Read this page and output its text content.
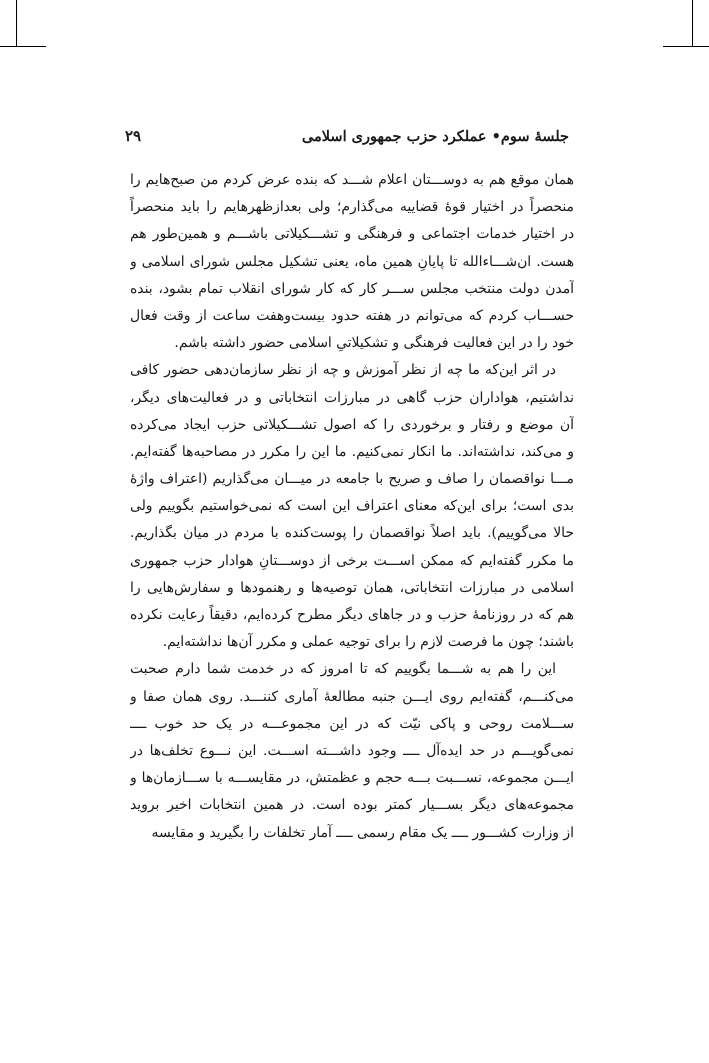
جلسهٔ سوم• عملکرد حزب جمهوری اسلامی
۲۹
همان موقع هم به دوســـتان اعلام شـــد که بنده عرض کردم من صبح‌هایم را
منحصراً در اختیار قوهٔ قضاییه می‌گذارم؛ ولی بعدازظهرهایم را باید منحصراً
در اختیار خدمات اجتماعی و فرهنگی و تشـــکیلاتی باشـــم و همین‌طور هم
هست. ان‌شـــاءالله تا پایانِ همین ماه، یعنی تشکیل مجلس شورای اسلامی و
آمدن دولت منتخب مجلس ســـر کار که کار شورای انقلاب تمام بشود، بنده
حســـاب کردم که می‌توانم در هفته حدود بیست‌وهفت ساعت از وقت فعال
خود را در این فعالیت فرهنگی و تشکیلاتیِ اسلامی حضور داشته باشم.
در اثر این‌که ما چه از نظر آموزش و چه از نظر سازمان‌دهی حضور کافی
نداشتیم، هواداران حزب گاهی در مبارزات انتخاباتی و در فعالیت‌های دیگر،
آن موضع و رفتار و برخوردی را که اصول تشـــکیلاتی حزب ایجاد می‌کرده
و می‌کند، نداشته‌اند. ما انکار نمی‌کنیم. ما این را مکرر در مصاحبه‌ها گفته‌ایم.
مـــا نواقصمان را صاف و صریح با جامعه در میـــان می‌گذاریم (اعتراف واژهٔ
بدی است؛ برای این‌که معنای اعتراف این است که نمی‌خواستیم بگوییم ولی
حالا می‌گوییم). باید اصلاً نواقصمان را پوست‌کنده با مردم در میان بگذاریم.
ما مکرر گفته‌ایم که ممکن اســـت برخی از دوســـتانِ هوادار حزب جمهوری
اسلامی در مبارزات انتخاباتی، همان توصیه‌ها و رهنمودها و سفارش‌هایی را
هم که در روزنامهٔ حزب و در جاهای دیگر مطرح کرده‌ایم، دقیقاً رعایت نکرده
باشند؛ چون ما فرصت لازم را برای توجیه عملی و مکرر آن‌ها نداشته‌ایم.
این را هم به شـــما بگوییم که تا امروز که در خدمت شما دارم صحبت
می‌کنـــم، گفته‌ایم روی ایـــن جنبه مطالعهٔ آماری کننـــد. روی همان صفا و
ســـلامت روحی و پاکی نیّت که در این مجموعـــه در یک حد خوب ــــ
نمی‌گویـــم در حد ایده‌آل ــــ وجود داشـــته اســـت. این نـــوع تخلف‌ها در
ایـــن مجموعه، نســـبت بـــه حجم و عظمتش، در مقایســـه با ســـازمان‌ها و
مجموعه‌های دیگر بســـیار کمتر بوده است. در همین انتخابات اخیر بروید
از وزارت کشـــور ــــ یک مقام رسمی ــــ آمار تخلفات را بگیرید و مقایسه
